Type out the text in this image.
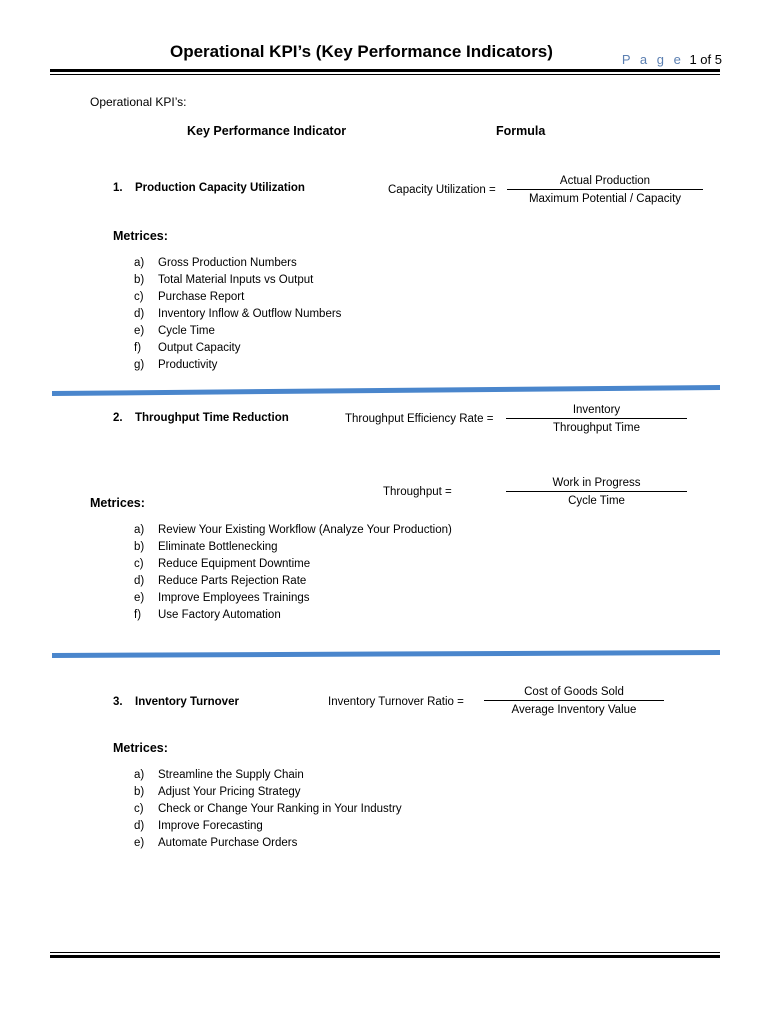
Operational KPI’s (Key Performance Indicators)	P a g e 1 of 5
Operational KPI’s:
Key Performance Indicator	Formula
1. Production Capacity Utilization	Capacity Utilization =
Actual Production
Maximum Potential / Capacity
Metrices:
a) Gross Production Numbers
b) Total Material Inputs vs Output
c) Purchase Report
d) Inventory Inflow & Outflow Numbers
e) Cycle Time
f) Output Capacity
g) Productivity
2. Throughput Time Reduction	Throughput Efficiency Rate =
Inventory
Throughput Time
Throughput =
Work in Progress
Cycle Time
Metrices:
a) Review Your Existing Workflow (Analyze Your Production)
b) Eliminate Bottlenecking
c) Reduce Equipment Downtime
d) Reduce Parts Rejection Rate
e) Improve Employees Trainings
f) Use Factory Automation
3. Inventory Turnover	Inventory Turnover Ratio =
Cost of Goods Sold
Average Inventory Value
Metrices:
a) Streamline the Supply Chain
b) Adjust Your Pricing Strategy
c) Check or Change Your Ranking in Your Industry
d) Improve Forecasting
e) Automate Purchase Orders
